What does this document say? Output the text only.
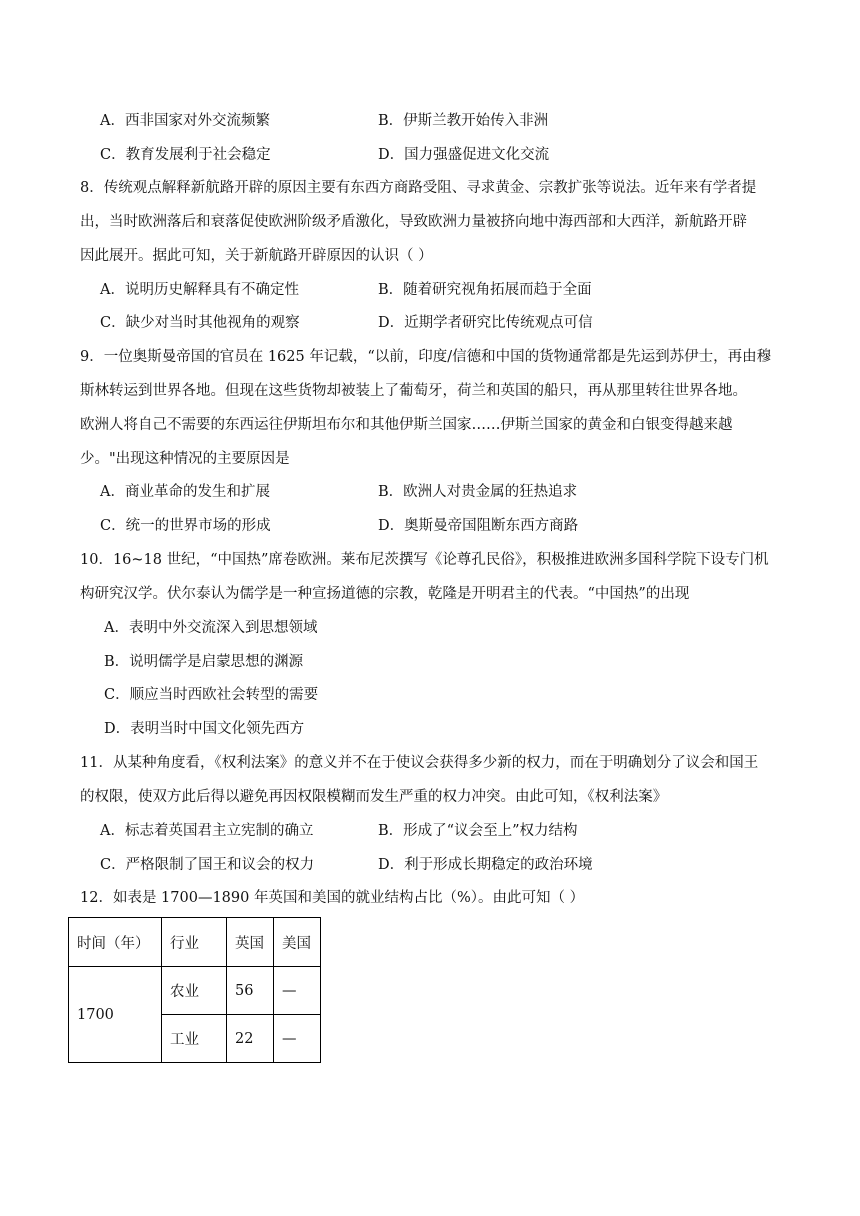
A．西非国家对外交流频繁	B．伊斯兰教开始传入非洲
C．教育发展利于社会稳定	D．国力强盛促进文化交流
8．传统观点解释新航路开辟的原因主要有东西方商路受阻、寻求黄金、宗教扩张等说法。近年来有学者提
出，当时欧洲落后和衰落促使欧洲阶级矛盾激化，导致欧洲力量被挤向地中海西部和大西洋，新航路开辟
因此展开。据此可知，关于新航路开辟原因的认识（ ）
A．说明历史解释具有不确定性	B．随着研究视角拓展而趋于全面
C．缺少对当时其他视角的观察	D．近期学者研究比传统观点可信
9．一位奥斯曼帝国的官员在 1625 年记载，“以前，印度/信德和中国的货物通常都是先运到苏伊士，再由穆
斯林转运到世界各地。但现在这些货物却被装上了葡萄牙，荷兰和英国的船只，再从那里转往世界各地。
欧洲人将自己不需要的东西运往伊斯坦布尔和其他伊斯兰国家……伊斯兰国家的黄金和白银变得越来越
少。"出现这种情况的主要原因是
A．商业革命的发生和扩展	B．欧洲人对贵金属的狂热追求
C．统一的世界市场的形成	D．奥斯曼帝国阻断东西方商路
10．16~18 世纪，“中国热”席卷欧洲。莱布尼茨撰写《论尊孔民俗》，积极推进欧洲多国科学院下设专门机
构研究汉学。伏尔泰认为儒学是一种宣扬道德的宗教，乾隆是开明君主的代表。“中国热”的出现
A．表明中外交流深入到思想领域
B．说明儒学是启蒙思想的渊源
C．顺应当时西欧社会转型的需要
D．表明当时中国文化领先西方
11．从某种角度看，《权利法案》的意义并不在于使议会获得多少新的权力，而在于明确划分了议会和国王
的权限，使双方此后得以避免再因权限模糊而发生严重的权力冲突。由此可知，《权利法案》
A．标志着英国君主立宪制的确立	B．形成了“议会至上”权力结构
C．严格限制了国王和议会的权力	D．利于形成长期稳定的政治环境
12．如表是 1700—1890 年英国和美国的就业结构占比（%）。由此可知（ ）
时间（年）	行业	英国	美国
1700	农业	56	—
	工业	22	—
